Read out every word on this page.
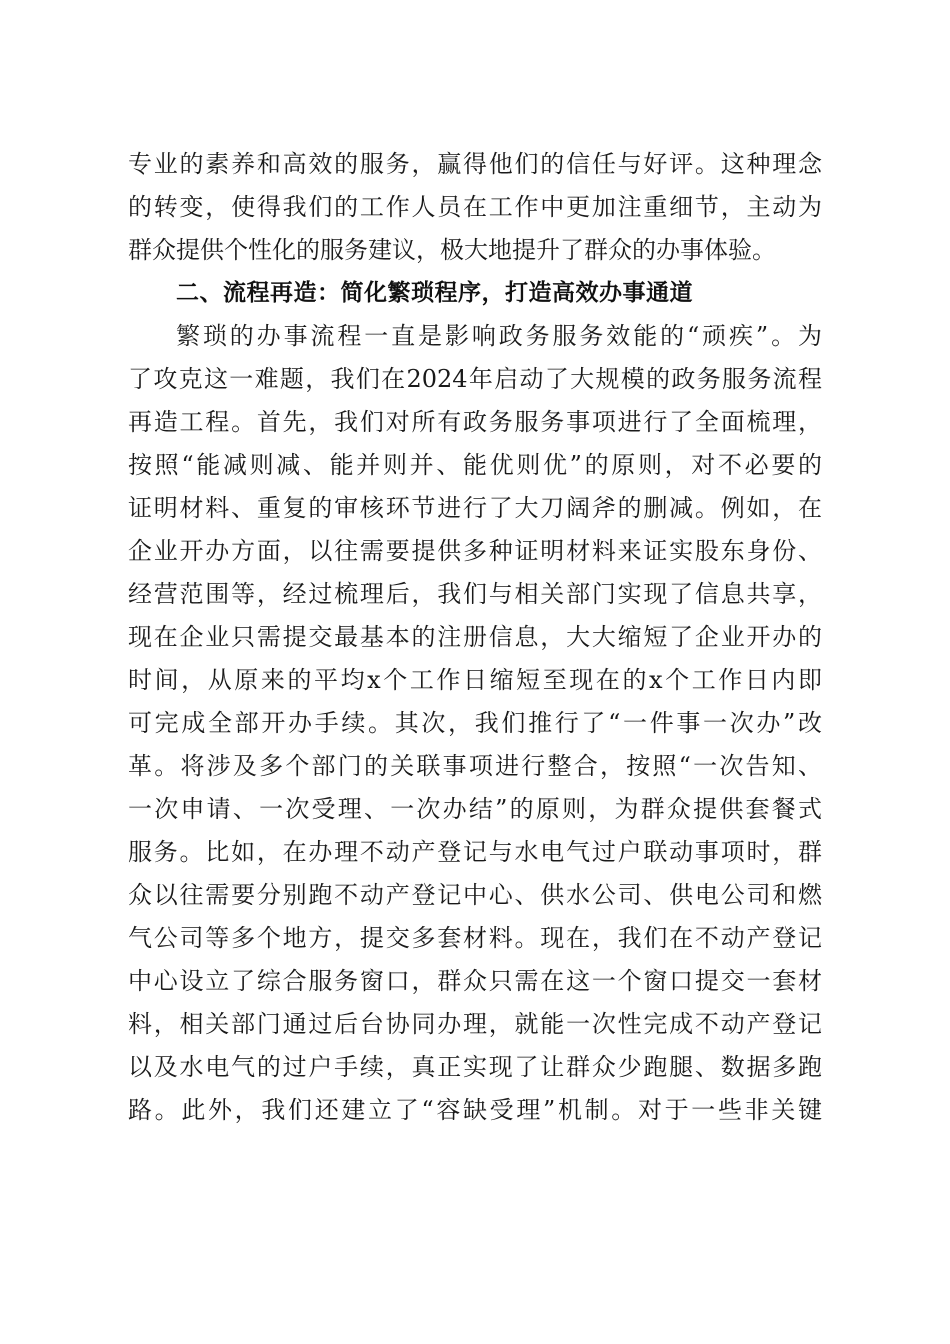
专业的素养和高效的服务，赢得他们的信任与好评。这种理念
的转变，使得我们的工作人员在工作中更加注重细节，主动为
群众提供个性化的服务建议，极大地提升了群众的办事体验。
二、流程再造：简化繁琐程序，打造高效办事通道
繁琐的办事流程一直是影响政务服务效能的“顽疾”。为
了攻克这一难题，我们在2024年启动了大规模的政务服务流程
再造工程。首先，我们对所有政务服务事项进行了全面梳理，
按照“能减则减、能并则并、能优则优”的原则，对不必要的
证明材料、重复的审核环节进行了大刀阔斧的删减。例如，在
企业开办方面，以往需要提供多种证明材料来证实股东身份、
经营范围等，经过梳理后，我们与相关部门实现了信息共享，
现在企业只需提交最基本的注册信息，大大缩短了企业开办的
时间，从原来的平均x个工作日缩短至现在的x个工作日内即
可完成全部开办手续。其次，我们推行了“一件事一次办”改
革。将涉及多个部门的关联事项进行整合，按照“一次告知、
一次申请、一次受理、一次办结”的原则，为群众提供套餐式
服务。比如，在办理不动产登记与水电气过户联动事项时，群
众以往需要分别跑不动产登记中心、供水公司、供电公司和燃
气公司等多个地方，提交多套材料。现在，我们在不动产登记
中心设立了综合服务窗口，群众只需在这一个窗口提交一套材
料，相关部门通过后台协同办理，就能一次性完成不动产登记
以及水电气的过户手续，真正实现了让群众少跑腿、数据多跑
路。此外，我们还建立了“容缺受理”机制。对于一些非关键
